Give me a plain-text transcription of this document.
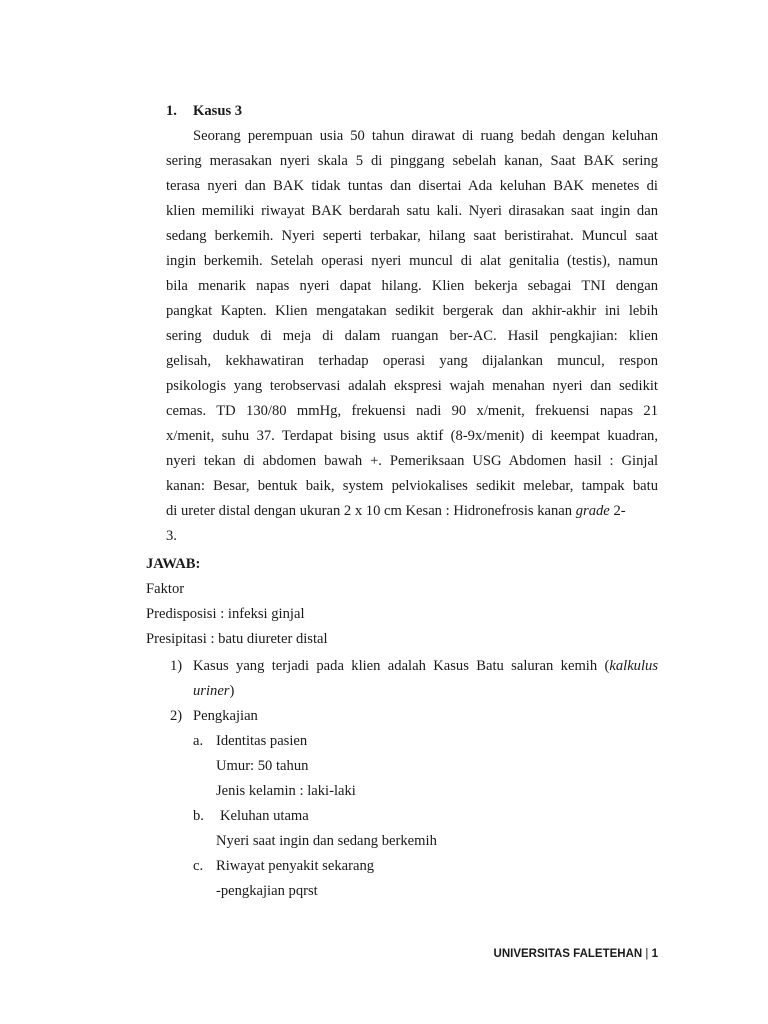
1. Kasus 3
Seorang perempuan usia 50 tahun dirawat di ruang bedah dengan keluhan
sering merasakan nyeri skala 5 di pinggang sebelah kanan, Saat BAK sering
terasa nyeri dan BAK tidak tuntas dan disertai Ada keluhan BAK menetes di
klien memiliki riwayat BAK berdarah satu kali. Nyeri dirasakan saat ingin dan
sedang berkemih. Nyeri seperti terbakar, hilang saat beristirahat. Muncul saat
ingin berkemih. Setelah operasi nyeri muncul di alat genitalia (testis), namun
bila menarik napas nyeri dapat hilang. Klien bekerja sebagai TNI dengan
pangkat Kapten. Klien mengatakan sedikit bergerak dan akhir-akhir ini lebih
sering duduk di meja di dalam ruangan ber-AC. Hasil pengkajian: klien
gelisah, kekhawatiran terhadap operasi yang dijalankan muncul, respon
psikologis yang terobservasi adalah ekspresi wajah menahan nyeri dan sedikit
cemas. TD 130/80 mmHg, frekuensi nadi 90 x/menit, frekuensi napas 21
x/menit, suhu 37. Terdapat bising usus aktif (8-9x/menit) di keempat kuadran,
nyeri tekan di abdomen bawah +. Pemeriksaan USG Abdomen hasil : Ginjal
kanan: Besar, bentuk baik, system pelviokalises sedikit melebar, tampak batu
di ureter distal dengan ukuran 2 x 10 cm Kesan : Hidronefrosis kanan grade 2-
3.
JAWAB:
Faktor
Predisposisi : infeksi ginjal
Presipitasi : batu diureter distal
1) Kasus yang terjadi pada klien adalah Kasus Batu saluran kemih (kalkulus
uriner)
2) Pengkajian
a. Identitas pasien
Umur: 50 tahun
Jenis kelamin : laki-laki
b. Keluhan utama
Nyeri saat ingin dan sedang berkemih
c. Riwayat penyakit sekarang
-pengkajian pqrst
UNIVERSITAS FALETEHAN | 1
